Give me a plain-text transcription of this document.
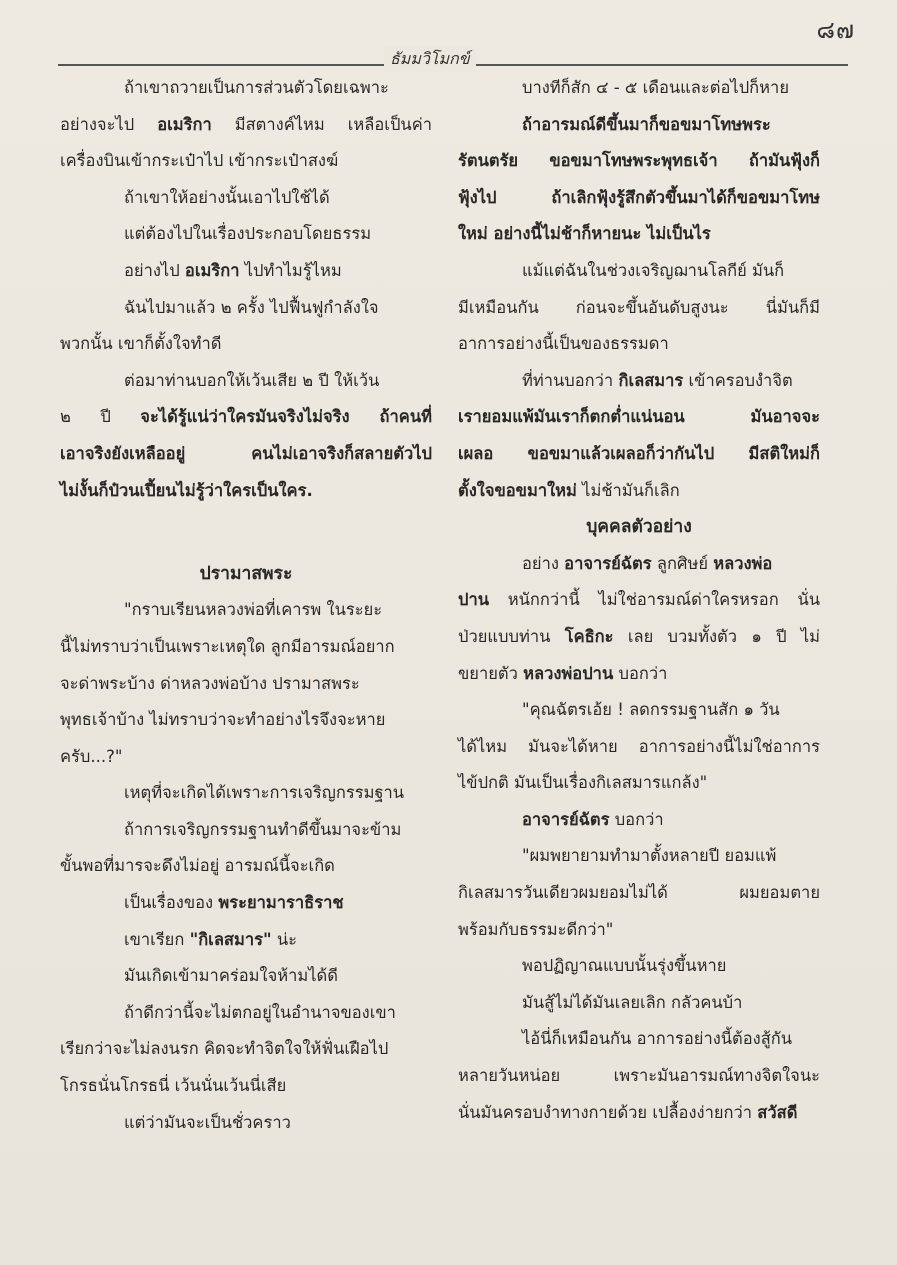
๘๗
ธัมมวิโมกข์

ถ้าเขาถวายเป็นการส่วนตัวโดยเฉพาะ

อย่างจะไป อเมริกา มีสตางค์ไหม เหลือเป็นค่า

เครื่องบินเข้ากระเป๋าไป เข้ากระเป๋าสงฆ์

ถ้าเขาให้อย่างนั้นเอาไปใช้ได้

แต่ต้องไปในเรื่องประกอบโดยธรรม

อย่างไป อเมริกา ไปทำไมรู้ไหม

ฉันไปมาแล้ว ๒ ครั้ง ไปฟื้นฟูกำลังใจ

พวกนั้น เขาก็ตั้งใจทำดี

ต่อมาท่านบอกให้เว้นเสีย ๒ ปี ให้เว้น

๒ ปี จะได้รู้แน่ว่าใครมันจริงไม่จริง ถ้าคนที่

เอาจริงยังเหลืออยู่ คนไม่เอาจริงก็สลายตัวไป

ไม่งั้นก็ป๋วนเปี้ยนไม่รู้ว่าใครเป็นใคร.

ปรามาสพระ

"กราบเรียนหลวงพ่อที่เคารพ ในระยะ

นี้ไม่ทราบว่าเป็นเพราะเหตุใด ลูกมีอารมณ์อยาก

จะด่าพระบ้าง ด่าหลวงพ่อบ้าง ปรามาสพระ

พุทธเจ้าบ้าง ไม่ทราบว่าจะทำอย่างไรจึงจะหาย

ครับ...?"

เหตุที่จะเกิดได้เพราะการเจริญกรรมฐาน

ถ้าการเจริญกรรมฐานทำดีขึ้นมาจะข้าม

ขั้นพอที่มารจะดึงไม่อยู่ อารมณ์นี้จะเกิด

เป็นเรื่องของ พระยามาราธิราช

เขาเรียก "กิเลสมาร" น่ะ

มันเกิดเข้ามาคร่อมใจห้ามได้ดี

ถ้าดีกว่านี้จะไม่ตกอยู่ในอำนาจของเขา

เรียกว่าจะไม่ลงนรก คิดจะทำจิตใจให้ฟั่นเฝือไป

โกรธนั่นโกรธนี่ เว้นนั่นเว้นนี่เสีย

แต่ว่ามันจะเป็นชั่วคราว

บางทีก็สัก ๔ - ๕ เดือนและต่อไปก็หาย

ถ้าอารมณ์ดีขึ้นมาก็ขอขมาโทษพระ

รัตนตรัย ขอขมาโทษพระพุทธเจ้า ถ้ามันฟุ้งก็

ฟุ้งไป ถ้าเลิกฟุ้งรู้สึกตัวขึ้นมาได้ก็ขอขมาโทษ

ใหม่ อย่างนี้ไม่ช้าก็หายนะ ไม่เป็นไร

แม้แต่ฉันในช่วงเจริญฌานโลกีย์ มันก็

มีเหมือนกัน ก่อนจะขึ้นอันดับสูงนะ นี่มันก็มี

อาการอย่างนี้เป็นของธรรมดา

ที่ท่านบอกว่า กิเลสมาร เข้าครอบงำจิต

เรายอมแพ้มันเราก็ตกต่ำแน่นอน มันอาจจะ

เผลอ ขอขมาแล้วเผลอก็ว่ากันไป มีสติใหม่ก็

ตั้งใจขอขมาใหม่ ไม่ช้ามันก็เลิก

บุคคลตัวอย่าง

อย่าง อาจารย์ฉัตร ลูกศิษย์ หลวงพ่อ

ปาน หนักกว่านี้ ไม่ใช่อารมณ์ด่าใครหรอก นั่น

ป่วยแบบท่าน โคธิกะ เลย บวมทั้งตัว ๑ ปี ไม่

ขยายตัว หลวงพ่อปาน บอกว่า

"คุณฉัตรเอ้ย ! ลดกรรมฐานสัก ๑ วัน

ได้ไหม มันจะได้หาย อาการอย่างนี้ไม่ใช่อาการ

ไข้ปกติ มันเป็นเรื่องกิเลสมารแกล้ง"

อาจารย์ฉัตร บอกว่า

"ผมพยายามทำมาตั้งหลายปี ยอมแพ้

กิเลสมารวันเดียวผมยอมไม่ได้ ผมยอมตาย

พร้อมกับธรรมะดีกว่า"

พอปฏิญาณแบบนั้นรุ่งขึ้นหาย

มันสู้ไม่ได้มันเลยเลิก กลัวคนบ้า

ไอ้นี่ก็เหมือนกัน อาการอย่างนี้ต้องสู้กัน

หลายวันหน่อย เพราะมันอารมณ์ทางจิตใจนะ

นั่นมันครอบงำทางกายด้วย เปลื้องง่ายกว่า สวัสดี
